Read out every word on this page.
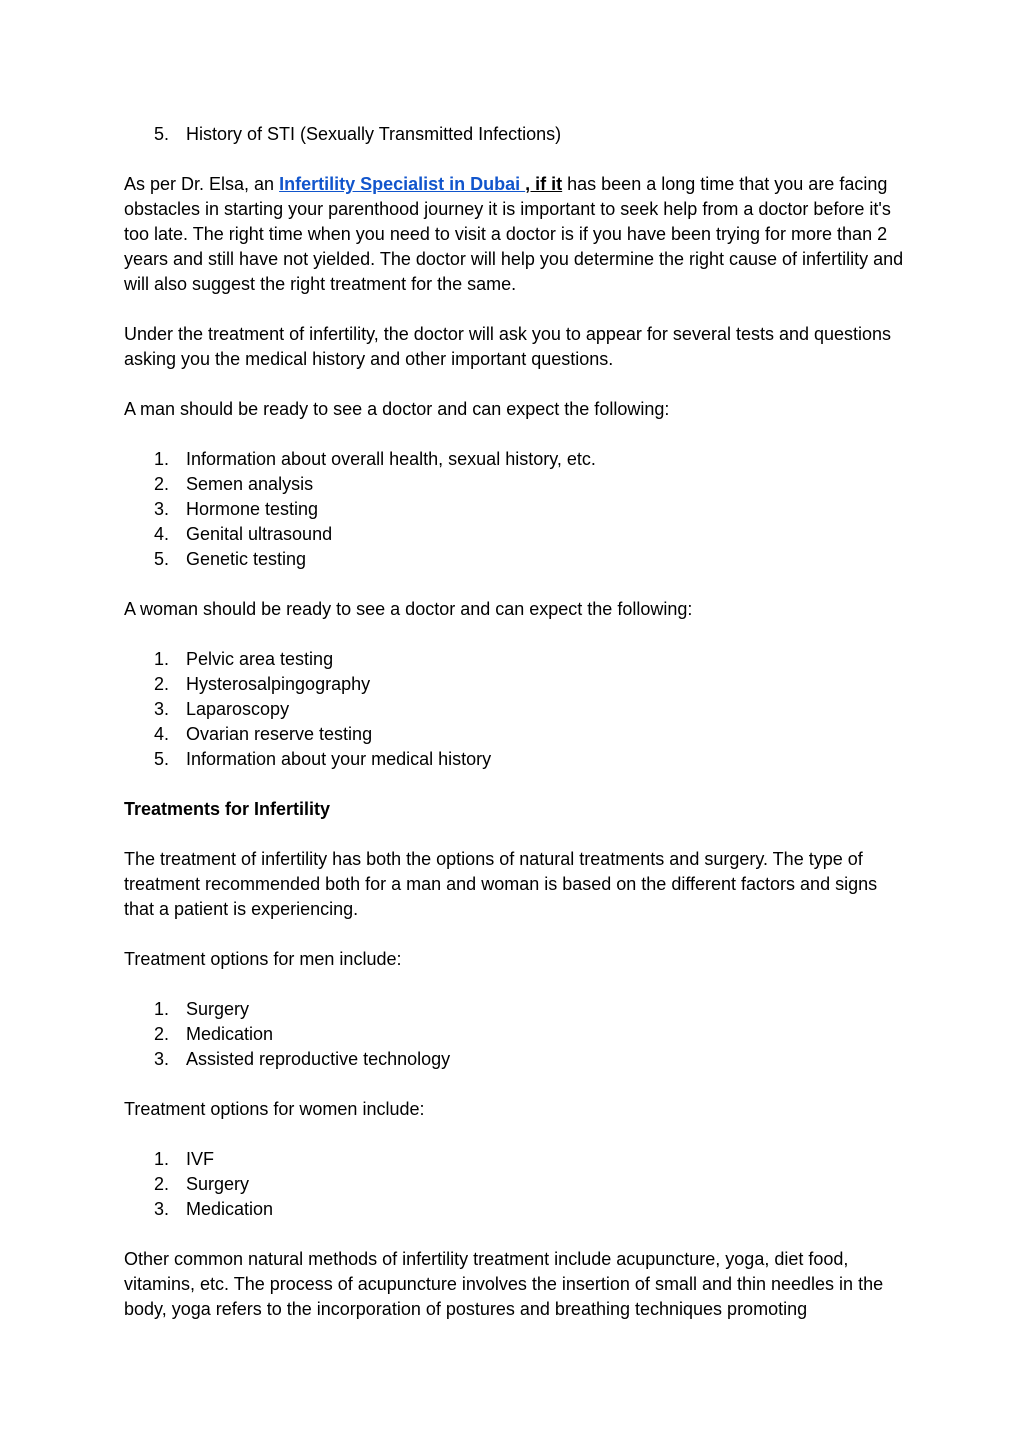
5. History of STI (Sexually Transmitted Infections)

As per Dr. Elsa, an Infertility Specialist in Dubai , if it has been a long time that you are facing obstacles in starting your parenthood journey it is important to seek help from a doctor before it's too late. The right time when you need to visit a doctor is if you have been trying for more than 2 years and still have not yielded. The doctor will help you determine the right cause of infertility and will also suggest the right treatment for the same.

Under the treatment of infertility, the doctor will ask you to appear for several tests and questions asking you the medical history and other important questions.

A man should be ready to see a doctor and can expect the following:

1. Information about overall health, sexual history, etc.
2. Semen analysis
3. Hormone testing
4. Genital ultrasound
5. Genetic testing

A woman should be ready to see a doctor and can expect the following:

1. Pelvic area testing
2. Hysterosalpingography
3. Laparoscopy
4. Ovarian reserve testing
5. Information about your medical history

Treatments for Infertility

The treatment of infertility has both the options of natural treatments and surgery. The type of treatment recommended both for a man and woman is based on the different factors and signs that a patient is experiencing.

Treatment options for men include:

1. Surgery
2. Medication
3. Assisted reproductive technology

Treatment options for women include:

1. IVF
2. Surgery
3. Medication

Other common natural methods of infertility treatment include acupuncture, yoga, diet food, vitamins, etc. The process of acupuncture involves the insertion of small and thin needles in the body, yoga refers to the incorporation of postures and breathing techniques promoting
